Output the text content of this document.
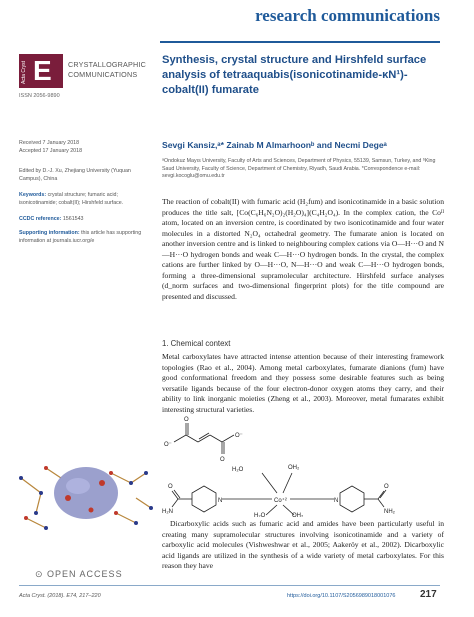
research communications
Acta Cryst E CRYSTALLOGRAPHIC
COMMUNICATIONS
ISSN 2056-9890
Synthesis, crystal structure and Hirshfeld surface analysis of tetraaquabis(isonicotinamide-κN¹)-cobalt(II) fumarate
Sevgi Kansiz,ᵃ* Zainab M Almarhoonᵇ and Necmi Degeᵃ
ᵃOndokuz Mayıs University, Faculty of Arts and Sciences, Department of Physics, 55139, Samsun, Turkey, and ᵇKing Saud University, Faculty of Science, Department of Chemistry, Riyadh, Saudi Arabia. *Correspondence e-mail: sevgi.kocoglu@omu.edu.tr
Received 7 January 2018
Accepted 17 January 2018
Edited by D.-J. Xu, Zhejiang University (Yuquan Campus), China
Keywords: crystal structure; fumaric acid; isonicotinamide; cobalt(II); Hirshfeld surface.
CCDC reference: 1561543
Supporting information: this article has supporting information at journals.iucr.org/e
The reaction of cobalt(II) with fumaric acid (H₂fum) and isonicotinamide in a basic solution produces the title salt, [Co(C₆H₆N₂O)₂(H₂O)₄](C₄H₂O₄). In the complex cation, the Coᴵᴵ atom, located on an inversion centre, is coordinated by two isonicotinamide and four water molecules in a distorted N₂O₄ octahedral geometry. The fumarate anion is located on another inversion centre and is linked to neighbouring complex cations via O—H···O and N—H···O hydrogen bonds and weak C—H···O hydrogen bonds. In the crystal, the complex cations are further linked by O—H···O, N—H···O and weak C—H···O hydrogen bonds, forming a three-dimensional supramolecular architecture. Hirshfeld surface analyses (d_norm surfaces and two-dimensional fingerprint plots) for the title compound are presented and discussed.
1. Chemical context
Metal carboxylates have attracted intense attention because of their interesting framework topologies (Rao et al., 2004). Among metal carboxylates, fumarate dianions (fum) have good conformational freedom and they possess some desirable features such as being versatile ligands because of the four electron-donor oxygen atoms they carry, and their ability to link inorganic moieties (Zheng et al., 2003). Moreover, metal fumarates exhibit interesting structural varieties.
O⁻
O⁻
O
O
O
H₂N
N	Co⁺²
H₂O	OH₂
H₂O	OH₂
N
O
NH₂
Dicarboxylic acids such as fumaric acid and amides have been particularly useful in creating many supramolecular structures involving isonicotinamide and a variety of carboxylic acid molecules (Vishweshwar et al., 2005; Aakeröy et al., 2002). Dicarboxylic acid ligands are utilized in the synthesis of a wide variety of metal carboxylates. For this reason they have
⊙ OPEN ACCESS
Acta Cryst. (2018). E74, 217–220	https://doi.org/10.1107/S2056989018001076 217
